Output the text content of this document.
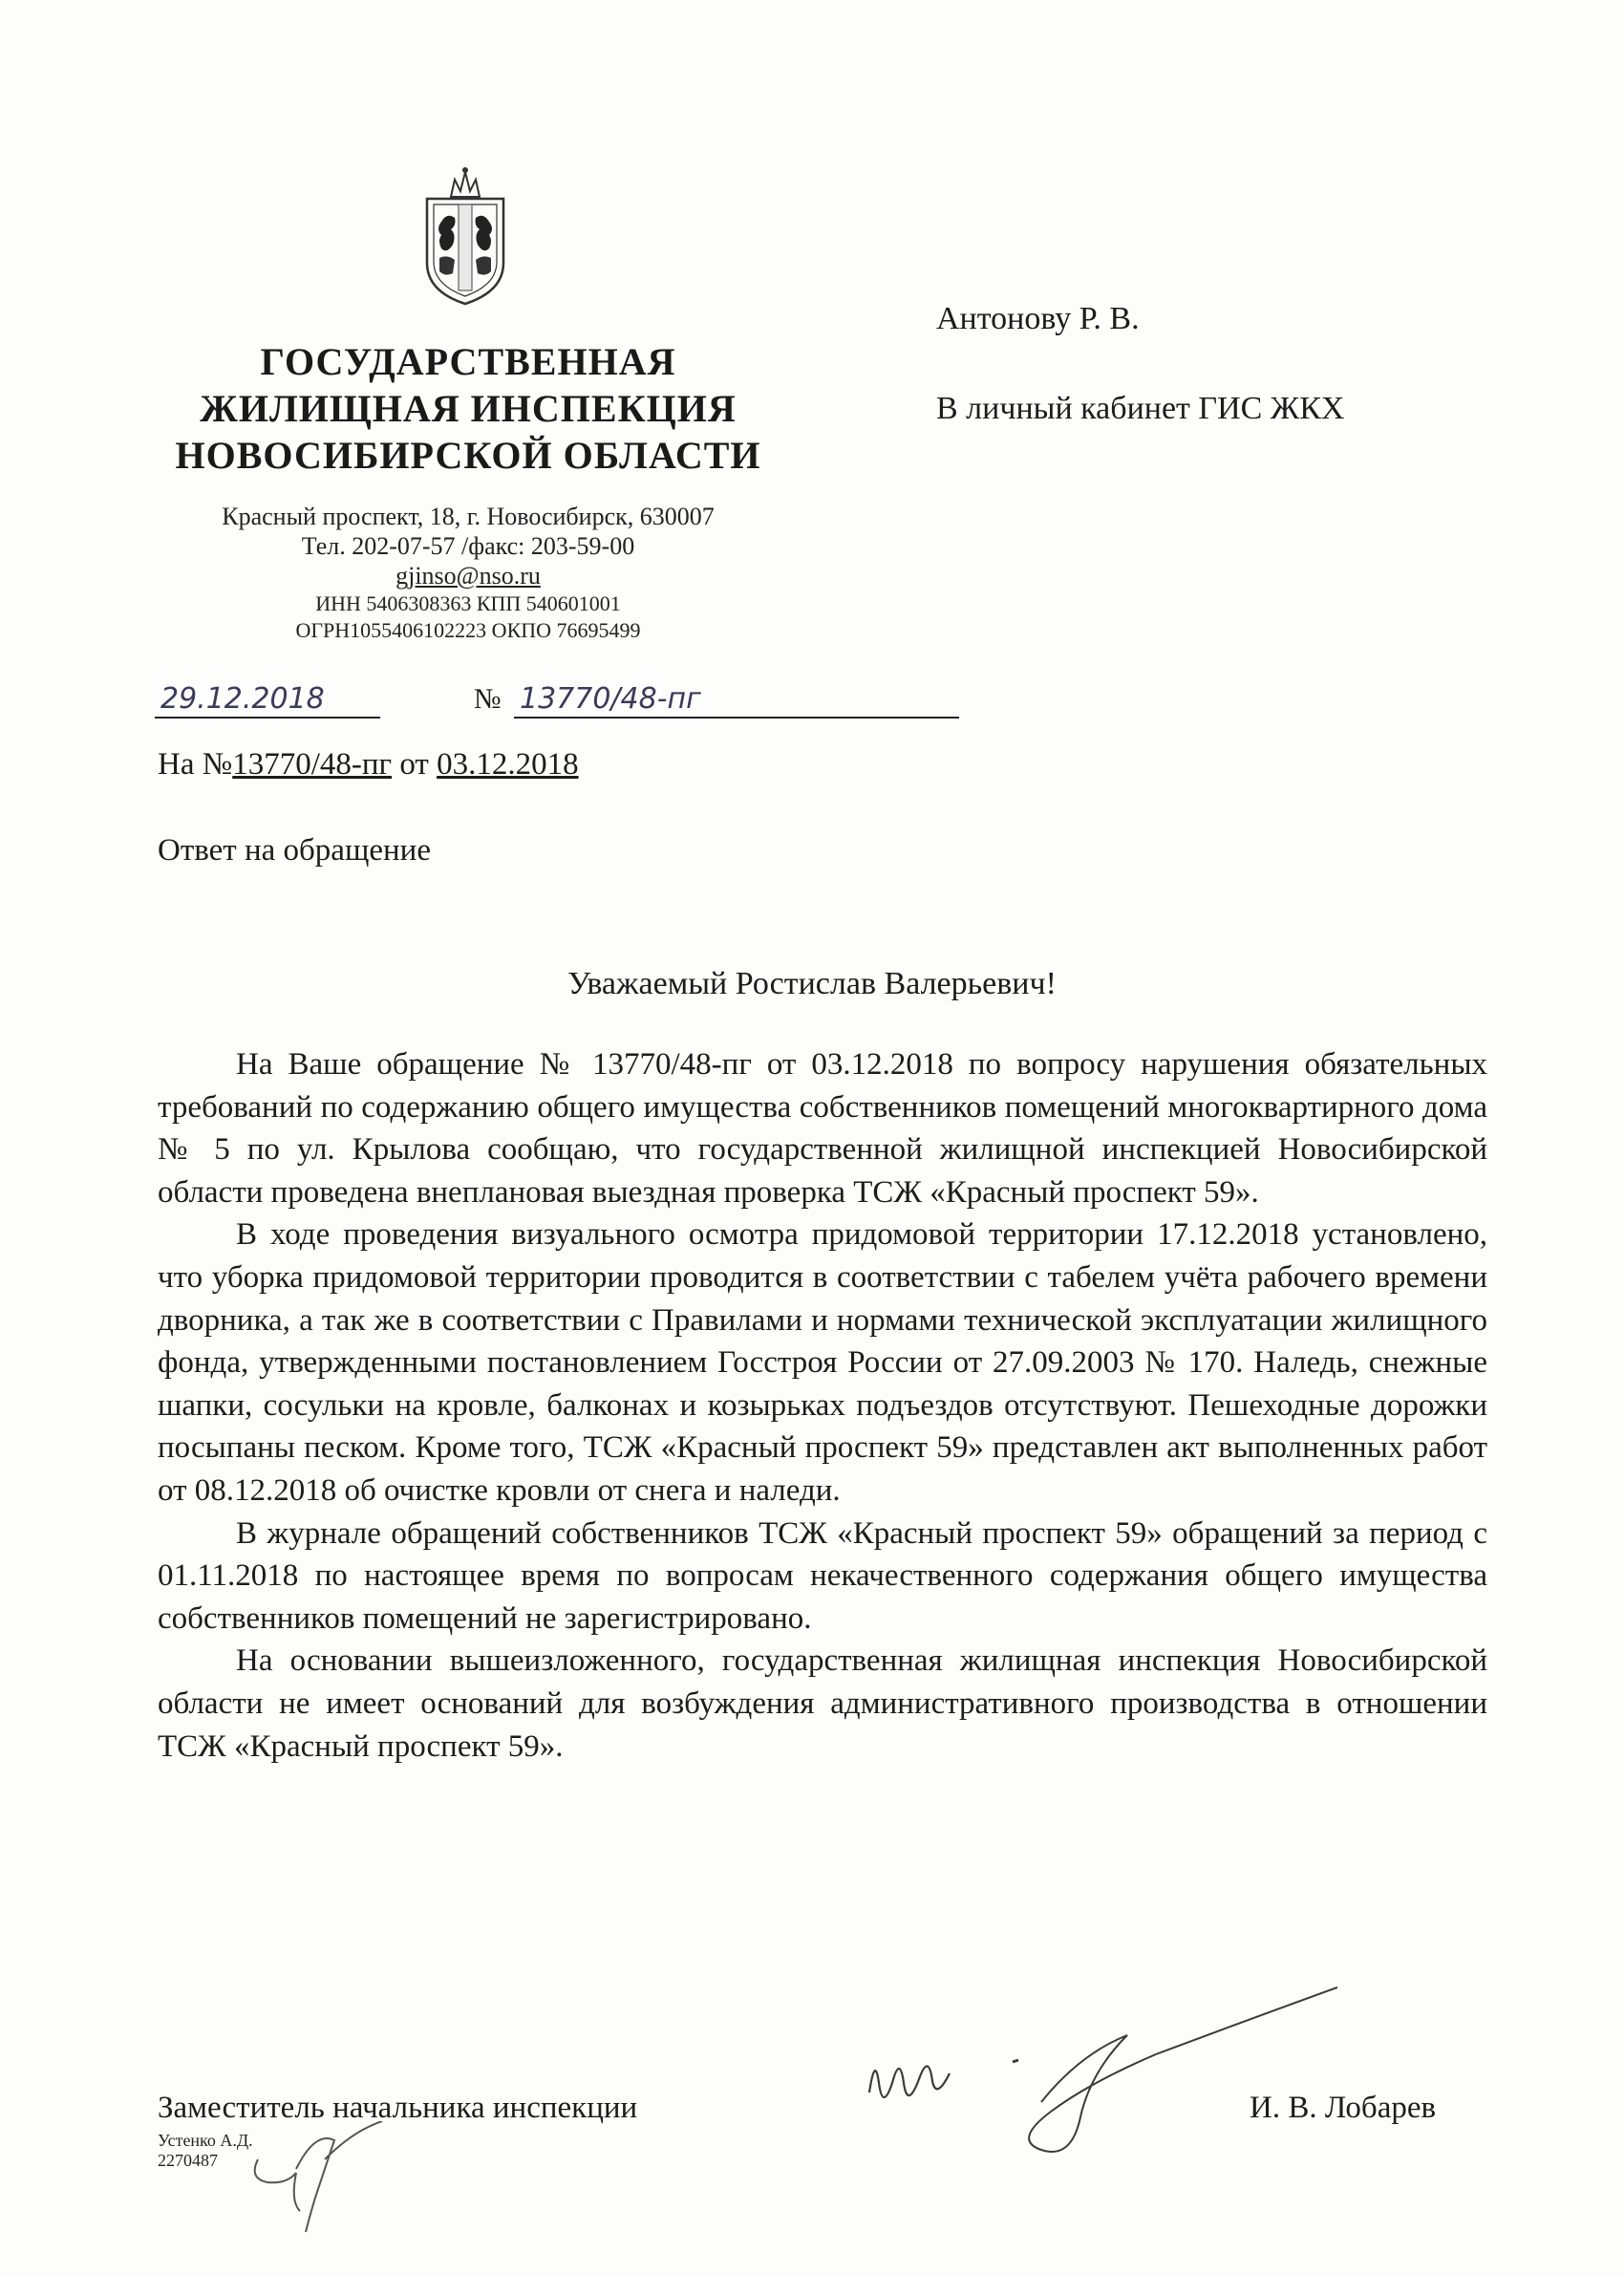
ГОСУДАРСТВЕННАЯ
ЖИЛИЩНАЯ ИНСПЕКЦИЯ
НОВОСИБИРСКОЙ ОБЛАСТИ
Красный проспект, 18, г. Новосибирск, 630007
Тел. 202-07-57 /факс: 203-59-00
gjinso@nso.ru
ИНН 5406308363 КПП 540601001
ОГРН1055406102223 ОКПО 76695499
29.12.2018	№ 13770/48-пг
На №13770/48-пг от 03.12.2018
Ответ на обращение
Антонову Р. В.
В личный кабинет ГИС ЖКХ
Уважаемый Ростислав Валерьевич!

На Ваше обращение № 13770/48-пг от 03.12.2018 по вопросу нарушения обязательных требований по содержанию общего имущества собственников помещений многоквартирного дома № 5 по ул. Крылова сообщаю, что государственной жилищной инспекцией Новосибирской области проведена внеплановая выездная проверка ТСЖ «Красный проспект 59».

В ходе проведения визуального осмотра придомовой территории 17.12.2018 установлено, что уборка придомовой территории проводится в соответствии с табелем учёта рабочего времени дворника, а так же в соответствии с Правилами и нормами технической эксплуатации жилищного фонда, утвержденными постановлением Госстроя России от 27.09.2003 № 170. Наледь, снежные шапки, сосульки на кровле, балконах и козырьках подъездов отсутствуют. Пешеходные дорожки посыпаны песком. Кроме того, ТСЖ «Красный проспект 59» представлен акт выполненных работ от 08.12.2018 об очистке кровли от снега и наледи.

В журнале обращений собственников ТСЖ «Красный проспект 59» обращений за период с 01.11.2018 по настоящее время по вопросам некачественного содержания общего имущества собственников помещений не зарегистрировано.

На основании вышеизложенного, государственная жилищная инспекция Новосибирской области не имеет оснований для возбуждения административного производства в отношении ТСЖ «Красный проспект 59».

Заместитель начальника инспекции	И. В. Лобарев
Устенко А.Д.
2270487
